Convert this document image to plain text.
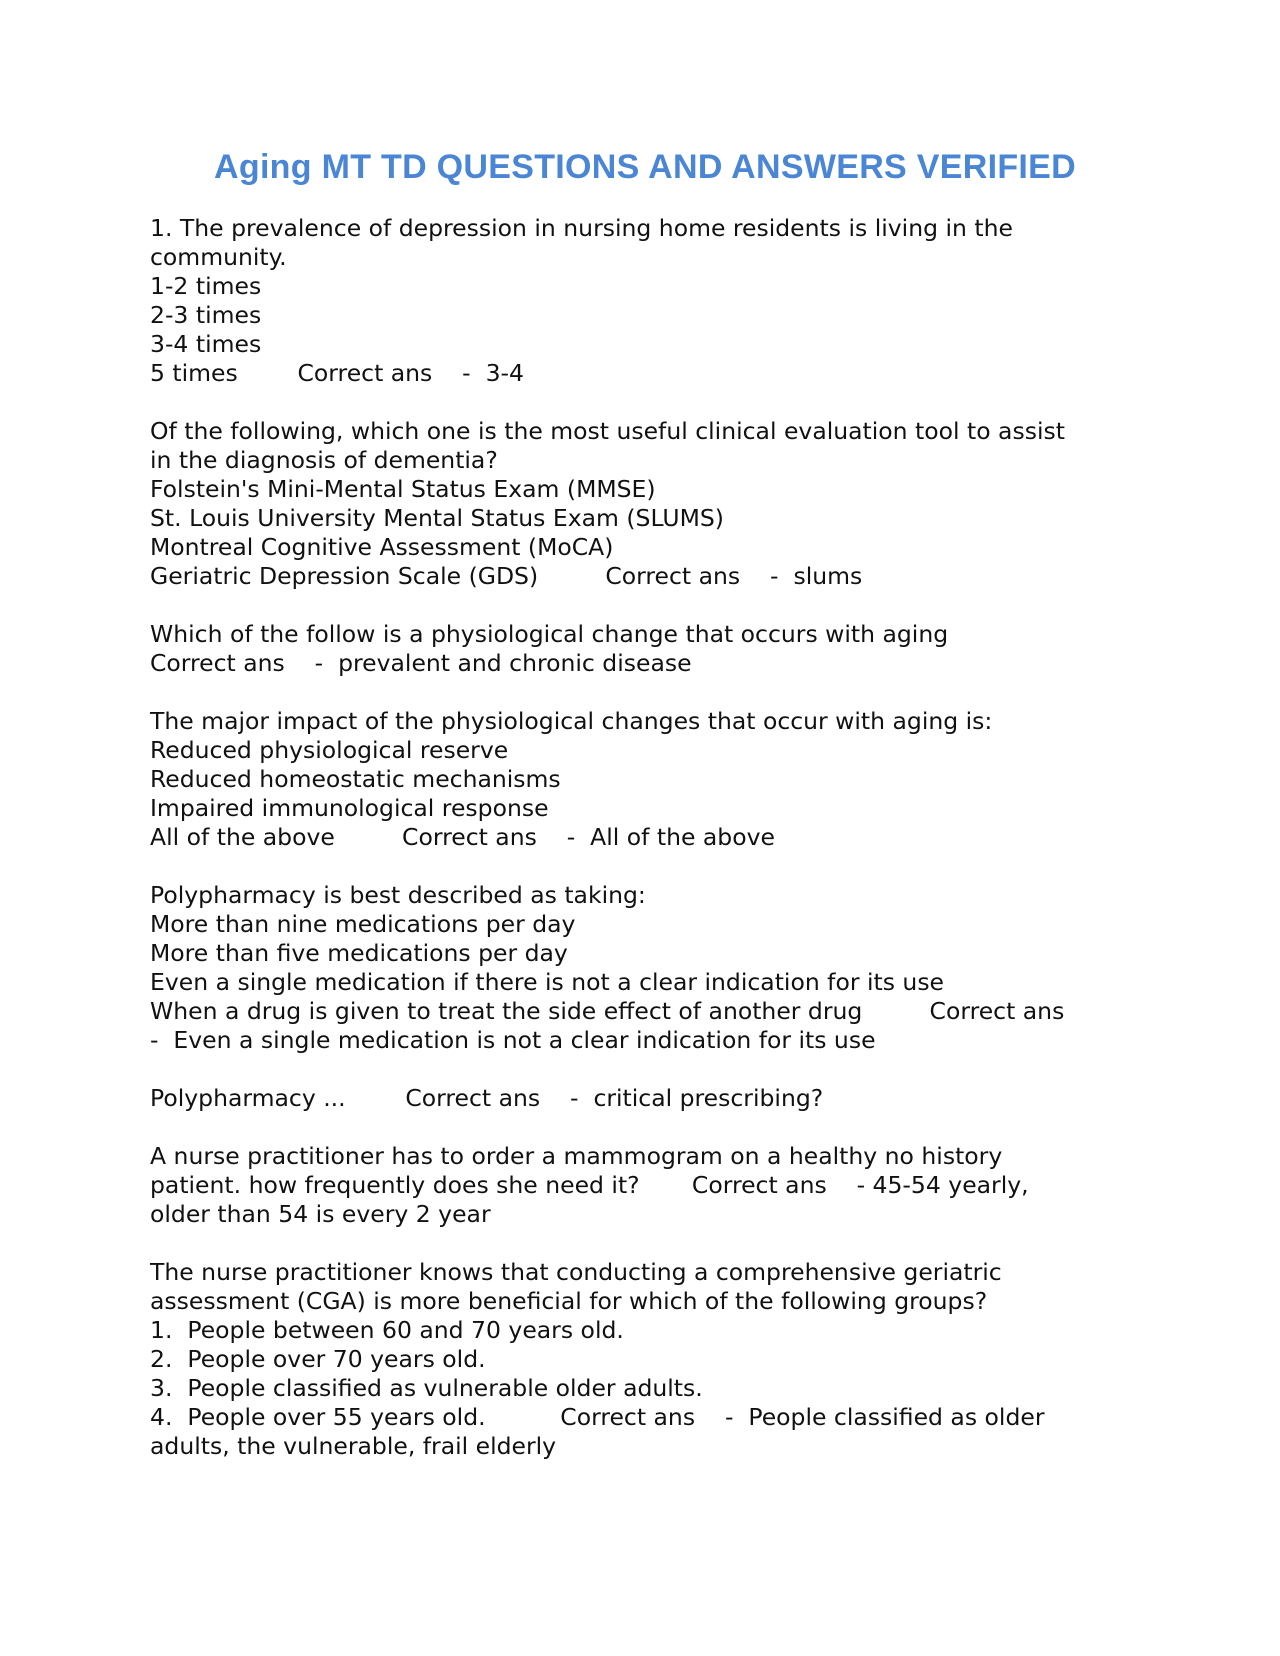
Aging MT TD QUESTIONS AND ANSWERS VERIFIED
1. The prevalence of depression in nursing home residents is living in the
community.
1-2 times
2-3 times
3-4 times
5 times        Correct ans    -  3-4
Of the following, which one is the most useful clinical evaluation tool to assist
in the diagnosis of dementia?
Folstein's Mini-Mental Status Exam (MMSE)
St. Louis University Mental Status Exam (SLUMS)
Montreal Cognitive Assessment (MoCA)
Geriatric Depression Scale (GDS)         Correct ans    -  slums
Which of the follow is a physiological change that occurs with aging
Correct ans    -  prevalent and chronic disease
The major impact of the physiological changes that occur with aging is:
Reduced physiological reserve
Reduced homeostatic mechanisms
Impaired immunological response
All of the above         Correct ans    -  All of the above
Polypharmacy is best described as taking:
More than nine medications per day
More than five medications per day
Even a single medication if there is not a clear indication for its use
When a drug is given to treat the side effect of another drug         Correct ans
-  Even a single medication is not a clear indication for its use
Polypharmacy ...        Correct ans    -  critical prescribing?
A nurse practitioner has to order a mammogram on a healthy no history
patient. how frequently does she need it?       Correct ans    - 45-54 yearly,
older than 54 is every 2 year
The nurse practitioner knows that conducting a comprehensive geriatric
assessment (CGA) is more beneficial for which of the following groups?
1.  People between 60 and 70 years old.
2.  People over 70 years old.
3.  People classified as vulnerable older adults.
4.  People over 55 years old.          Correct ans    -  People classified as older
adults, the vulnerable, frail elderly
